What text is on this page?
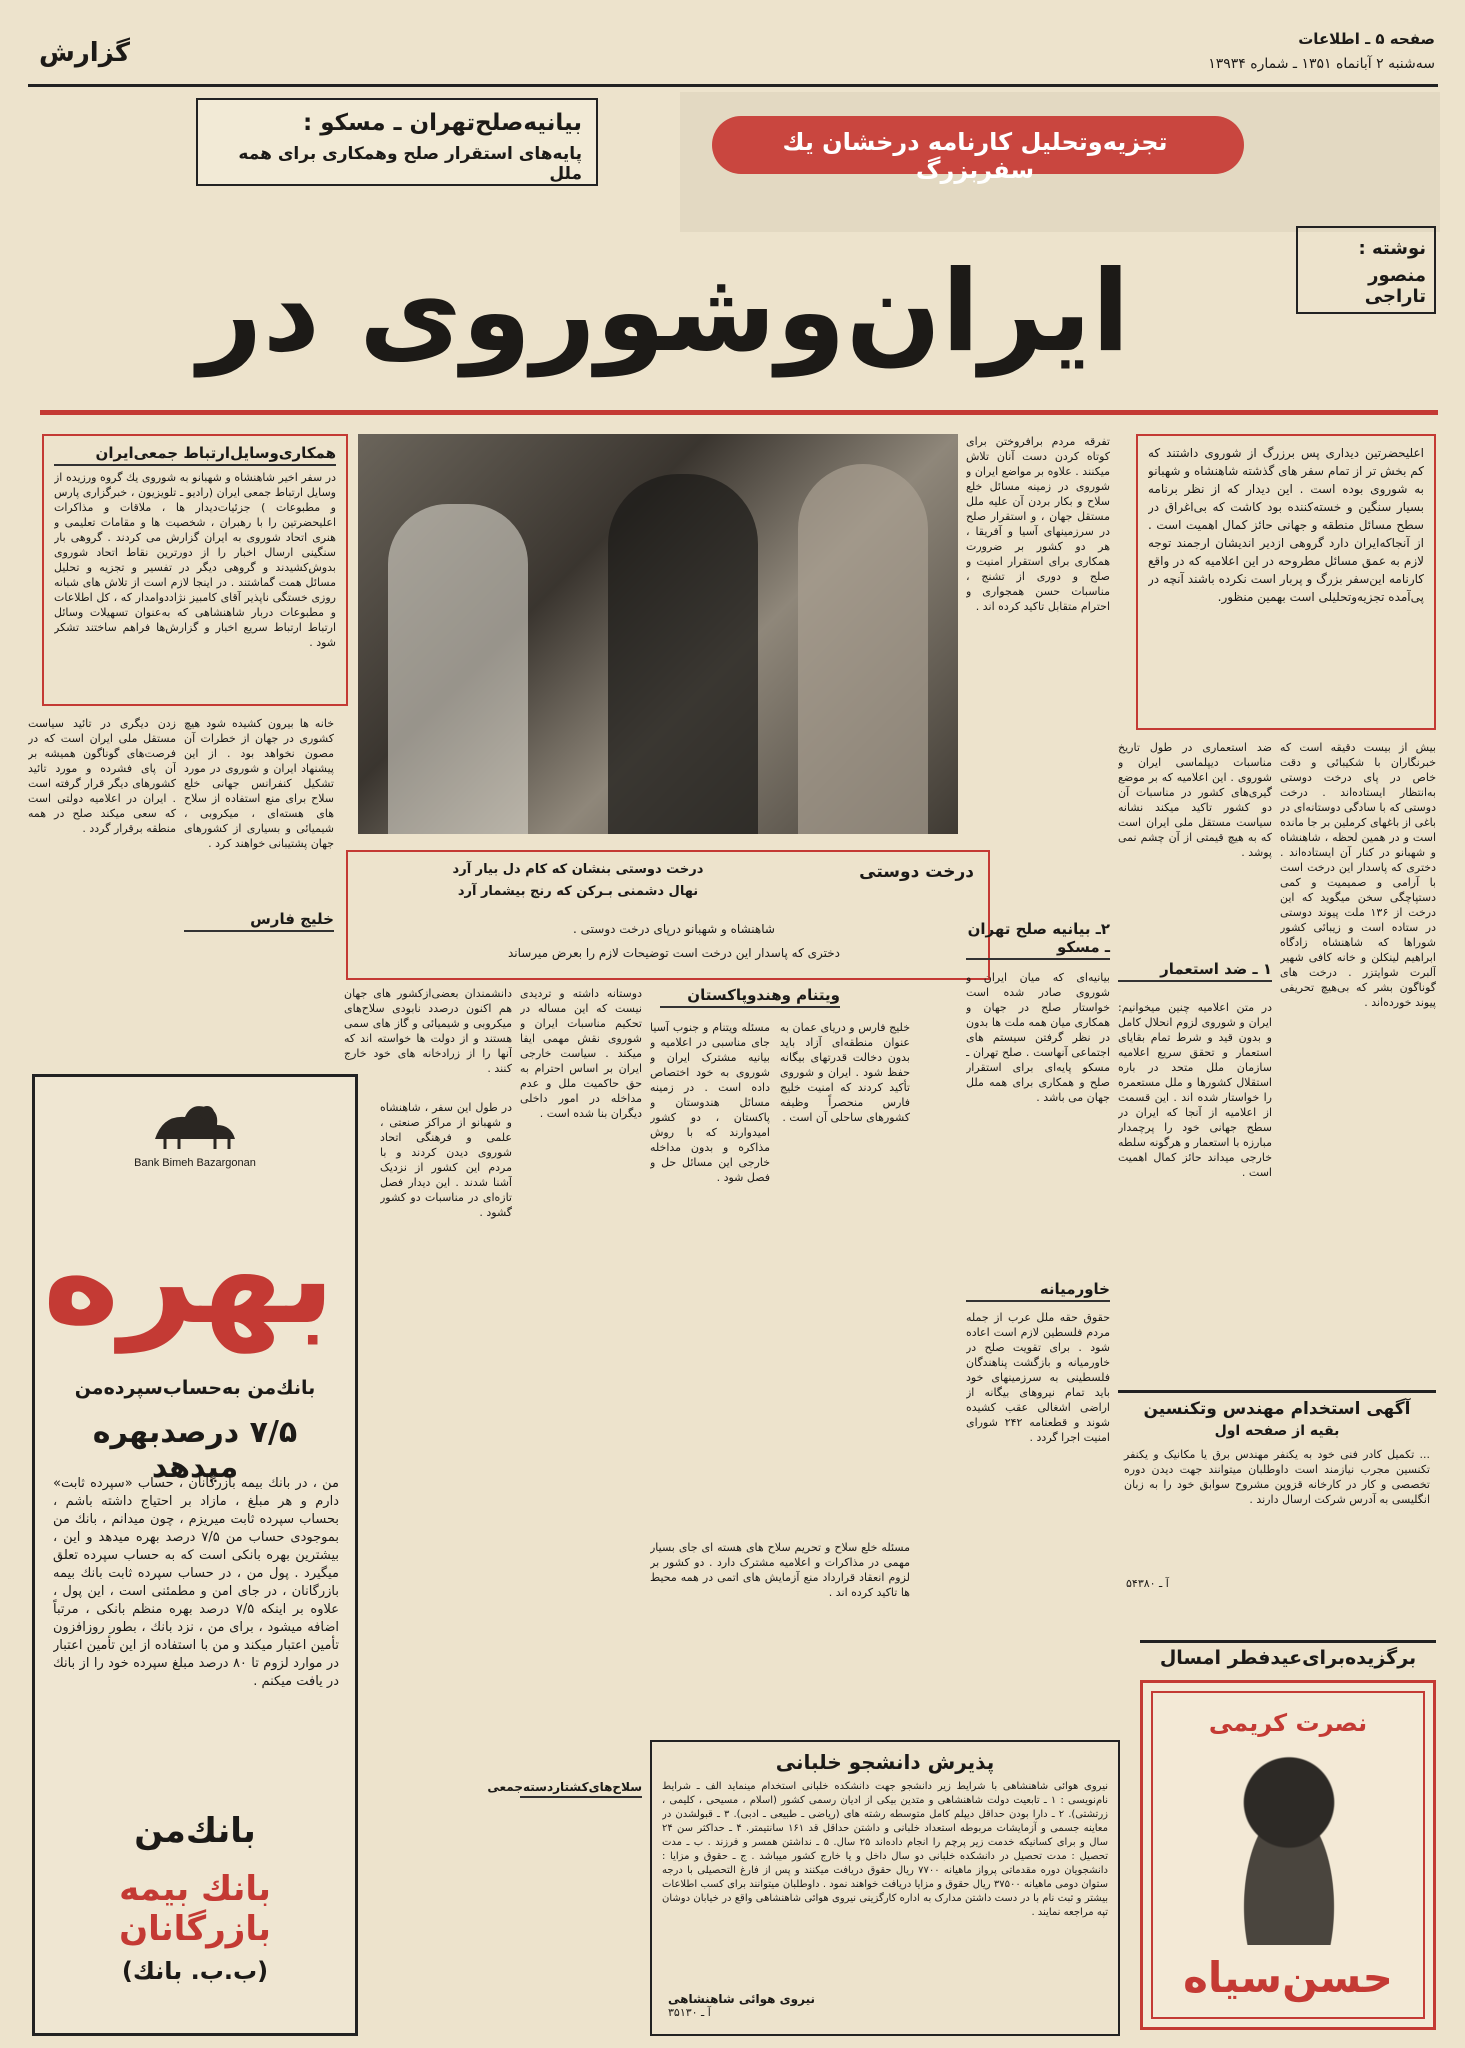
گزارش	صفحه ۵ ـ اطلاعات
سه‌شنبه ۲ آبانماه ۱۳۵۱ ـ شماره ۱۳۹۳۴
بیانیه‌صلح‌تهران ـ مسکو :
پایه‌های استقرار صلح وهمکاری برای همه ملل
تجزیه‌وتحلیل کار‌نامه درخشان یك سفربزرگ
نوشته :
منصور تاراجی
ایران‌وشوروی در
اعلیحضرتین دیداری پس برزرگ از شوروی داشتند که کم بخش تر از تمام سفر های گذشته شاهنشاه و شهبانو به شوروی بوده است . این دیدار که از نظر برنامه بسیار سنگین و خسته‌کننده بود کاشت که بی‌اغراق در سطح مسائل منطقه و جهانی حائز کمال اهمیت است . از آنجاکه‌ایران دارد گروهی از‌دیر اندیشان ارجمند توجه لازم به عمق مسائل مطروحه در این اعلامیه که در واقع کارنامه این‌سفر بزرگ و پربار است نکرده باشند آنچه در پی‌آمده تجزیه‌وتحلیلی است بهمین منظور.
همکاری‌وسایل‌ارتباط جمعی‌ایران
در سفر اخیر شاهنشاه و شهبانو به شوروی یك گروه ورزیده از وسایل ارتباط جمعی ایران (رادیو ـ تلویزیون ، خبرگزاری پارس و مطبوعات ) جزئیات‌دیدار ها ، ملاقات و مذاکرات اعلیحضرتین را با رهبران ، شخصیت ها و مقامات تعلیمی و هنری اتحاد شوروی به ایران گزارش می کردند . گروهی بار سنگینی ارسال اخبار را از دورترین نقاط اتحاد شوروی بدوش‌کشیدند و گروهی دیگر در تفسیر و تجزیه و تحلیل مسائل همت گماشتند . در اینجا لازم است از تلاش های شبانه روزی خستگی ناپذیر آقای کامبیز نژاد‌دوامدار که ، کل اطلاعات و مطبوعات دربار شاهنشاهی که به‌عنوان تسهیلات وسائل ارتباط ارتباط سریع اخبار و گزارش‌ها فراهم ساختند تشکر شود .
درخت دوستی
درخت دوستی بنشان که کام دل بیار آرد
نهال دشمنی بـرکن که رنج بیشمار آرد
شاهنشاه و شهبانو درپای درخت دوستی .
دختری که پاسدار این درخت است توضیحات لازم را بعرض میرساند
بیش از بیست دقیقه است که خبرنگاران با شکیبائی و دقت خاص در پای درخت دوستی به‌انتظار ایستاده‌اند . درخت دوستی که با سادگی دوستانه‌ای در باغی از باغهای کرملین بر جا مانده است و در همین لحظه ، شاهنشاه و شهبانو در کنار آن ایستاده‌اند . دختری که پاسدار این درخت است با آرامی و صمیمیت و کمی دستپاچگی سخن میگوید که این درخت از ۱۳۶ ملت پیوند دوستی در ستاده است و زیبائی کشور شوراها که شاهنشاه زادگاه ابراهیم لینکلن و خانه کافی شهیر آلبرت شوایتزر . درخت های گوناگون بشر که بی‌هیچ تحریفی پیوند خورده‌اند .
در متن اعلامیه چنین میخوانیم: ایران و شوروی لزوم انحلال کامل و بدون قید و شرط تمام بقایای استعمار و تحقق سریع اعلامیه سازمان ملل متحد در باره استقلال کشورها و ملل مستعمره را خواستار شده اند . این قسمت از اعلامیه از آنجا که ایران در سطح جهانی خود را پرچمدار مبارزه با استعمار و هرگونه سلطه خارجی میداند حائز کمال اهمیت است .
۱ ـ ضد استعمار
ضد استعماری در طول تاریخ مناسبات دیپلماسی ایران و شوروی . این اعلامیه که بر موضع گیری‌های کشور در مناسبات آن دو کشور تاکید میکند نشانه سیاست مستقل ملی ایران است که به هیچ قیمتی از آن چشم نمی پوشد .
تفرقه مردم برافروختن برای کوتاه کردن دست آنان تلاش میکنند . علاوه بر مواضع ایران و شوروی در زمینه مسائل خلع سلاح و بکار بردن آن علیه ملل مستقل جهان ، و استقرار صلح در سرزمینهای آسیا و آفریقا ، هر دو کشور بر ضرورت همکاری برای استقرار امنیت و صلح و دوری از تشنج ، مناسبات حسن همجواری و احترام متقابل تاکید کرده اند .
۲ـ بیانیه صلح تهران ـ مسکو
بیانیه‌ای که میان ایران و شوروی صادر شده است خواستار صلح در جهان و همکاری میان همه ملت ها بدون در نظر گرفتن سیستم های اجتماعی آنهاست . صلح تهران ـ مسکو پایه‌ای برای استقرار صلح و همکاری برای همه ملل جهان می باشد .
خاورمیانه
حقوق حقه ملل عرب از جمله مردم فلسطین لازم است اعاده شود . برای تقویت صلح در خاورمیانه و بازگشت پناهندگان فلسطینی به سرزمینهای خود باید تمام نیروهای بیگانه از اراضی اشغالی عقب کشیده شوند و قطعنامه ۲۴۲ شورای امنیت اجرا گردد .
آگهی استخدام مهندس وتکنسین
بقیه از صفحه اول
... تکمیل کادر فنی خود به یکنفر مهندس برق یا مکانیک و یکنفر تکنسین مجرب نیازمند است داوطلبان میتوانند جهت دیدن دوره تخصصی و کار در کارخانه قزوین مشروح سوابق خود را به زبان انگلیسی به آدرس شرکت ارسال دارند .
آ ـ ۵۴۳۸۰
برگزیده‌برای‌عید‌فطر امسال
نصرت کریمی
حسن‌سیاه
ویتنام وهندوپاکستان
مسئله ویتنام و جنوب آسیا جای مناسبی در اعلامیه و بیانیه مشترک ایران و شوروی به خود اختصاص داده است . در زمینه مسائل هندوستان و پاکستان ، دو کشور امیدوارند که با روش مذاکره و بدون مداخله خارجی این مسائل حل و فصل شود .
خلیج فارس و دریای عمان به عنوان منطقه‌ای آزاد باید بدون دخالت قدرتهای بیگانه حفظ شود . ایران و شوروی تأکید کردند که امنیت خلیج فارس منحصراً وظیفه کشورهای ساحلی آن است .
دوستانه داشته و تردیدی نیست که این مساله در تحکیم مناسبات ایران و شوروی نقش مهمی ایفا میکند . سیاست خارجی ایران بر اساس احترام به حق حاکمیت ملل و عدم مداخله در امور داخلی دیگران بنا شده است .
مسئله خلع سلاح و تحریم سلاح های هسته ای جای بسیار مهمی در مذاکرات و اعلامیه مشترک دارد . دو کشور بر لزوم انعقاد قرارداد منع آزمایش های اتمی در همه محیط ها تاکید کرده اند .
سلاح‌های‌کشتار‌دسته‌جمعی
دانشمندان بعضی‌از‌کشور های جهان هم اکنون درصدد نابودی سلاح‌های میکروبی و شیمیائی و گاز های سمی هستند و از دولت ها خواسته اند که آنها را از زرادخانه های خود خارج کنند .
در طول این سفر ، شاهنشاه و شهبانو از مراکز صنعتی ، علمی و فرهنگی اتحاد شوروی دیدن کردند و با مردم این کشور از نزدیک آشنا شدند . این دیدار فصل تازه‌ای در مناسبات دو کشور گشود .
زدن دیگری در تائید سیاست مستقل ملی ایران است که در فرصت‌های گوناگون همیشه بر آن پای فشرده و مورد تائید کشورهای دیگر قرار گرفته است . ایران در اعلامیه دولتی است که سعی میکند صلح در همه منطقه برقرار گردد .
خانه ها بیرون کشیده شود هیچ کشوری در جهان از خطرات آن مصون نخواهد بود . از این پیشنهاد ایران و شوروی در مورد تشکیل کنفرانس جهانی خلع سلاح برای منع استفاده از سلاح های هسته‌ای ، میکروبی ، شیمیائی و بسیاری از کشورهای جهان پشتیبانی خواهند کرد .
خلیج فارس
پذیرش دانشجو خلبانی
نیروی هوائی شاهنشاهی با شرایط زیر دانشجو جهت دانشکده خلبانی استخدام مینماید الف ـ شرایط نام‌نویسی : ۱ ـ تابعیت دولت شاهنشاهی و متدین بیکی از ادیان رسمی کشور (اسلام ، مسیحی ، کلیمی ، زرتشتی). ۲ ـ دارا بودن حداقل دیپلم کامل متوسطه رشته های (ریاضی ـ طبیعی ـ ادبی). ۳ ـ قبولشدن در معاینه جسمی و آزمایشات مربوطه استعداد خلبانی و داشتن حداقل قد ۱۶۱ سانتیمتر. ۴ ـ حداکثر سن ۲۴ سال و برای کسانیکه خدمت زیر پرچم را انجام داده‌اند ۲۵ سال. ۵ ـ نداشتن همسر و فرزند . ب ـ مدت تحصیل : مدت تحصیل در دانشکده خلبانی دو سال داخل و یا خارج کشور میباشد . ج ـ حقوق و مزایا : دانشجویان دوره مقدماتی پرواز ماهیانه ۷۷۰۰ ریال حقوق دریافت میکنند و پس از فارغ التحصیلی با درجه ستوان دومی ماهیانه ۳۷۵۰۰ ریال حقوق و مزایا دریافت خواهند نمود . داوطلبان میتوانند برای کسب اطلاعات بیشتر و ثبت نام با در دست داشتن مدارک به اداره کارگزینی نیروی هوائی شاهنشاهی واقع در خیابان دوشان تپه مراجعه نمایند .
نیروی هوائی شاهنشاهی
آ ـ ۳۵۱۳۰
Bank Bimeh Bazargonan
بهره
بانك‌من به‌حساب‌سپرده‌من
۷/۵ درصد‌بهره‌ میدهد
من ، در بانك بیمه بازرگانان ، حساب «سپرده ثابت» دارم و هر مبلغ ، مازاد بر احتیاج داشته باشم ، بحساب سپرده ثابت میریزم ، چون میدانم ، بانك من بموجودی حساب من ۷/۵ درصد بهره میدهد و این ، بیشترین بهره بانکی است که به حساب سپرده تعلق میگیرد . پول من ، در حساب سپرده ثابت بانك بیمه بازرگانان ، در جای امن و مطمئنی است ، این پول ، علاوه بر اینکه ۷/۵ درصد بهره منظم بانکی ، مرتباً اضافه میشود ، برای من ، نزد بانك ، بطور روزافزون تأمین اعتبار میکند و من با استفاده از این تأمین اعتبار در موارد لزوم تا ۸۰ درصد مبلغ سپرده خود را از بانك در یافت میکنم .
بانك‌من
بانك‌ بیمه‌ بازرگانان
(ب.ب. بانك)
